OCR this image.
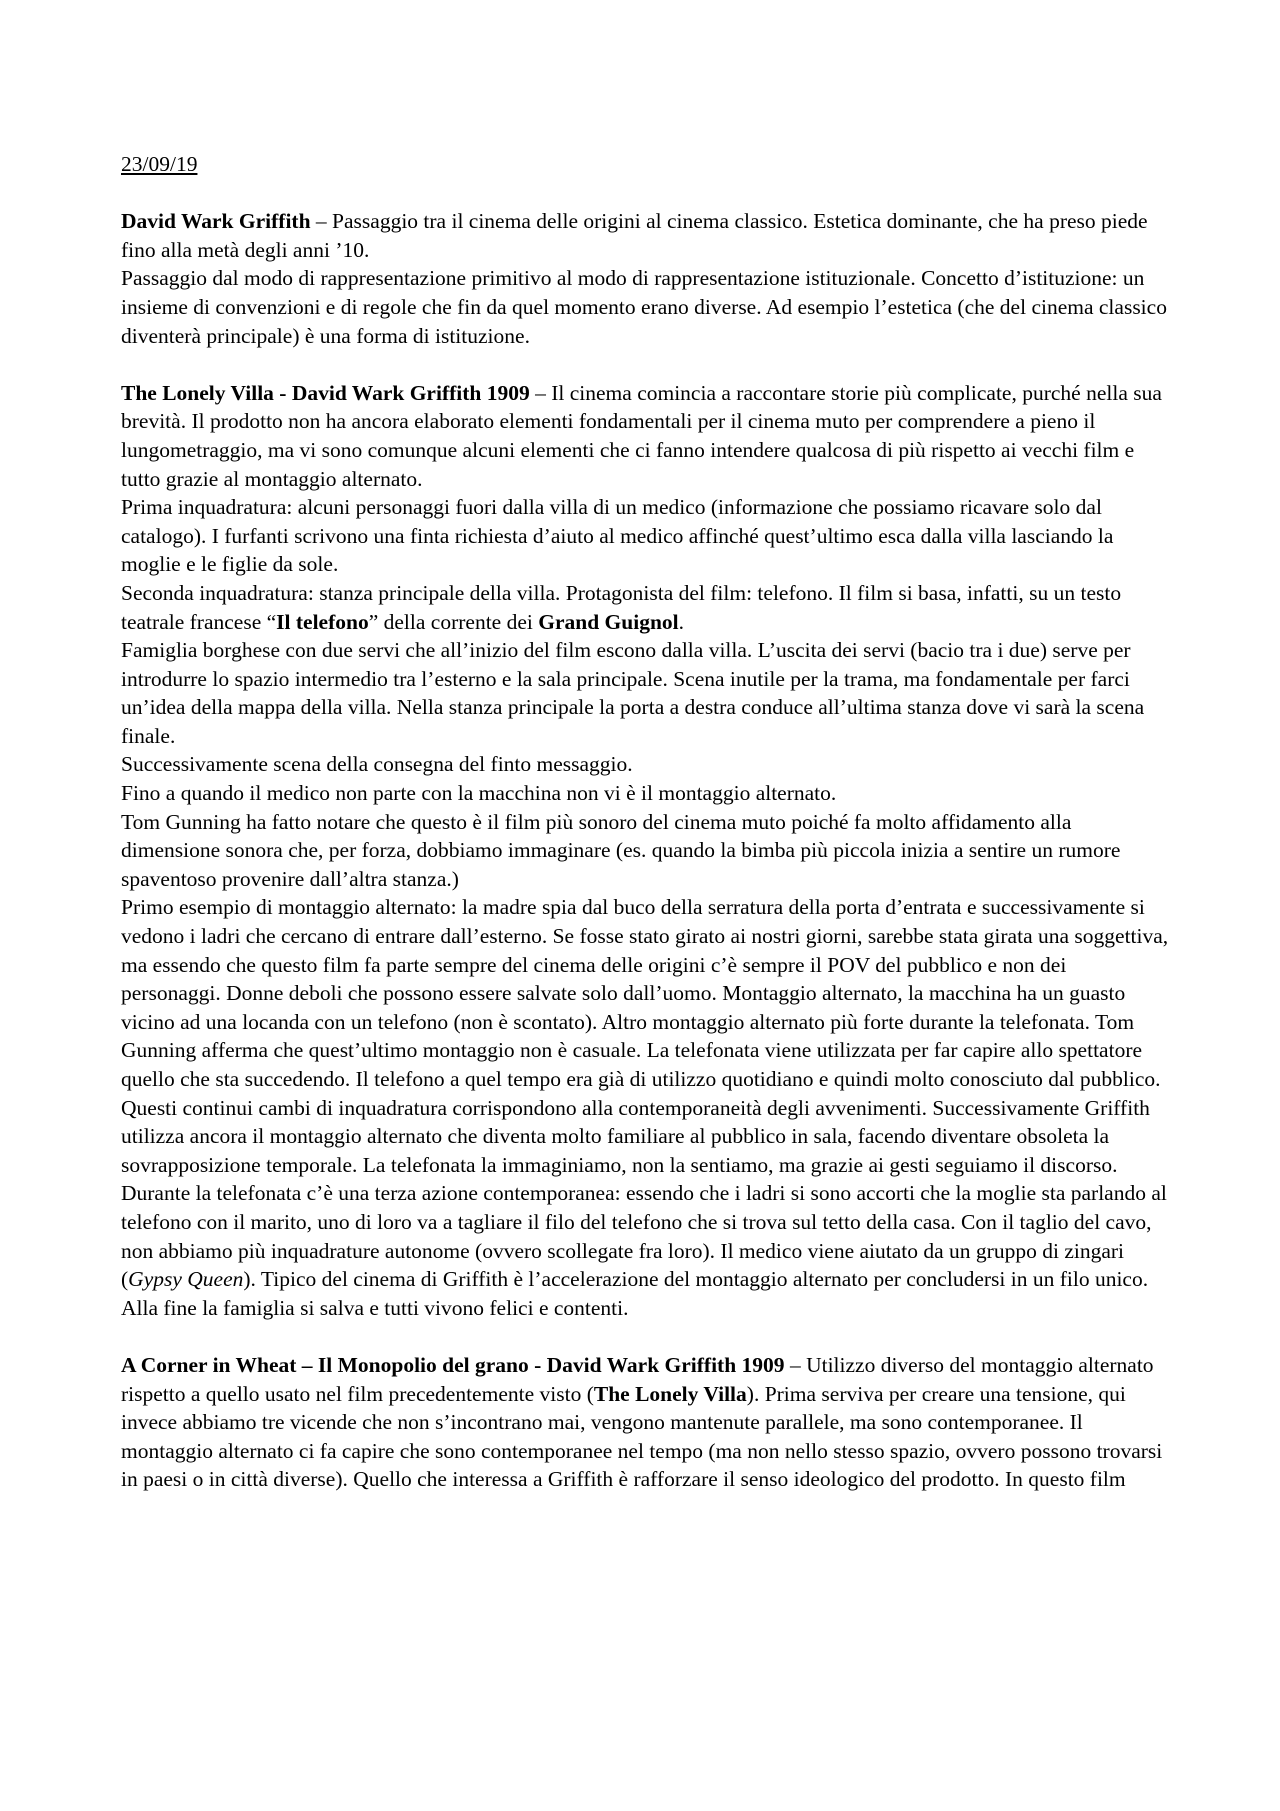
23/09/19

David Wark Griffith – Passaggio tra il cinema delle origini al cinema classico. Estetica dominante, che ha preso piede fino alla metà degli anni ’10.

Passaggio dal modo di rappresentazione primitivo al modo di rappresentazione istituzionale. Concetto d’istituzione: un insieme di convenzioni e di regole che fin da quel momento erano diverse. Ad esempio l’estetica (che del cinema classico diventerà principale) è una forma di istituzione.

The Lonely Villa - David Wark Griffith 1909 – Il cinema comincia a raccontare storie più complicate, purché nella sua brevità. Il prodotto non ha ancora elaborato elementi fondamentali per il cinema muto per comprendere a pieno il lungometraggio, ma vi sono comunque alcuni elementi che ci fanno intendere qualcosa di più rispetto ai vecchi film e tutto grazie al montaggio alternato.

Prima inquadratura: alcuni personaggi fuori dalla villa di un medico (informazione che possiamo ricavare solo dal catalogo). I furfanti scrivono una finta richiesta d’aiuto al medico affinché quest’ultimo esca dalla villa lasciando la moglie e le figlie da sole.

Seconda inquadratura: stanza principale della villa. Protagonista del film: telefono. Il film si basa, infatti, su un testo teatrale francese “Il telefono” della corrente dei Grand Guignol.

Famiglia borghese con due servi che all’inizio del film escono dalla villa. L’uscita dei servi (bacio tra i due) serve per introdurre lo spazio intermedio tra l’esterno e la sala principale. Scena inutile per la trama, ma fondamentale per farci un’idea della mappa della villa. Nella stanza principale la porta a destra conduce all’ultima stanza dove vi sarà la scena finale.

Successivamente scena della consegna del finto messaggio.

Fino a quando il medico non parte con la macchina non vi è il montaggio alternato.

Tom Gunning ha fatto notare che questo è il film più sonoro del cinema muto poiché fa molto affidamento alla dimensione sonora che, per forza, dobbiamo immaginare (es. quando la bimba più piccola inizia a sentire un rumore spaventoso provenire dall’altra stanza.)

Primo esempio di montaggio alternato: la madre spia dal buco della serratura della porta d’entrata e successivamente si vedono i ladri che cercano di entrare dall’esterno. Se fosse stato girato ai nostri giorni, sarebbe stata girata una soggettiva, ma essendo che questo film fa parte sempre del cinema delle origini c’è sempre il POV del pubblico e non dei personaggi. Donne deboli che possono essere salvate solo dall’uomo. Montaggio alternato, la macchina ha un guasto vicino ad una locanda con un telefono (non è scontato). Altro montaggio alternato più forte durante la telefonata. Tom Gunning afferma che quest’ultimo montaggio non è casuale. La telefonata viene utilizzata per far capire allo spettatore quello che sta succedendo. Il telefono a quel tempo era già di utilizzo quotidiano e quindi molto conosciuto dal pubblico. Questi continui cambi di inquadratura corrispondono alla contemporaneità degli avvenimenti. Successivamente Griffith utilizza ancora il montaggio alternato che diventa molto familiare al pubblico in sala, facendo diventare obsoleta la sovrapposizione temporale. La telefonata la immaginiamo, non la sentiamo, ma grazie ai gesti seguiamo il discorso.

Durante la telefonata c’è una terza azione contemporanea: essendo che i ladri si sono accorti che la moglie sta parlando al telefono con il marito, uno di loro va a tagliare il filo del telefono che si trova sul tetto della casa. Con il taglio del cavo, non abbiamo più inquadrature autonome (ovvero scollegate fra loro). Il medico viene aiutato da un gruppo di zingari (Gypsy Queen). Tipico del cinema di Griffith è l’accelerazione del montaggio alternato per concludersi in un filo unico.

Alla fine la famiglia si salva e tutti vivono felici e contenti.

A Corner in Wheat – Il Monopolio del grano - David Wark Griffith 1909 – Utilizzo diverso del montaggio alternato rispetto a quello usato nel film precedentemente visto (The Lonely Villa). Prima serviva per creare una tensione, qui invece abbiamo tre vicende che non s’incontrano mai, vengono mantenute parallele, ma sono contemporanee. Il montaggio alternato ci fa capire che sono contemporanee nel tempo (ma non nello stesso spazio, ovvero possono trovarsi in paesi o in città diverse). Quello che interessa a Griffith è rafforzare il senso ideologico del prodotto. In questo film
